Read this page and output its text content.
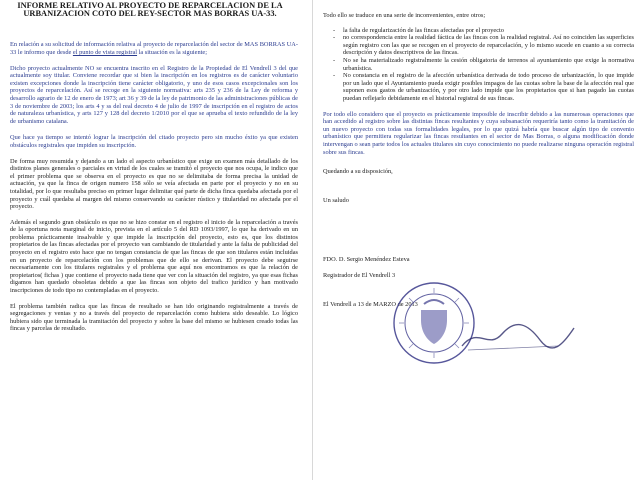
INFORME RELATIVO AL PROYECTO DE REPARCELACION DE LA URBANIZACION COTO DEL REY-SECTOR MAS BORRAS UA-33.

En relación a su solicitud de información relativa al proyecto de reparcelación del sector de MAS BORRAS UA-33 le informo que desde el punto de vista registral la situación es la siguiente;

Dicho proyecto actualmente NO se encuentra inscrito en el Registro de la Propiedad de El Vendrell 3 del que actualmente soy titular. Conviene recordar que si bien la inscripción en los registros es de carácter voluntario existen excepciones donde la inscripción tiene carácter obligatorio, y uno de esos casos excepcionales son los proyectos de reparcelación. Así se recoge en la siguiente normativa: arts 235 y 236 de la Ley de reforma y desarrollo agrario de 12 de enero de 1973; art 36 y 39 de la ley de patrimonio de las administraciones públicas de 3 de noviembre de 2003; los arts 4 y ss del real decreto 4 de julio de 1997 de inscripción en el registro de actos de naturaleza urbanística, y arts 127 y 128 del decreto 1/2010 por el que se aprueba el texto refundido de la ley de urbanismo catalana.

Que hace ya tiempo se intentó lograr la inscripción del citado proyecto pero sin mucho éxito ya que existen obstáculos registrales que impiden su inscripción.

De forma muy resumida y dejando a un lado el aspecto urbanístico que exige un examen más detallado de los distintos planes generales o parciales en virtud de los cuales se tramitó el proyecto que nos ocupa, le indico que el primer problema que se observa en el proyecto es que no se delimitaba de forma precisa la unidad de actuación, ya que la finca de origen numero 158 sólo se veía afectada en parte por el proyecto y no en su totalidad, por lo que resultaba preciso en primer lugar delimitar qué parte de dicha finca quedaba afectada por el proyecto y cuál quedaba al margen del mismo conservando su carácter rústico y titularidad no afectada por el proyecto.

Además el segundo gran obstáculo es que no se hizo constar en el registro el inicio de la reparcelación a través de la oportuna nota marginal de inicio, prevista en el artículo 5 del RD 1093/1997, lo que ha derivado en un problema prácticamente insalvable y que impide la inscripción del proyecto, esto es, que los distintos propietarios de las fincas afectadas por el proyecto van cambiando de titularidad y ante la falta de publicidad del proyecto en el registro esto hace que no tengan constancia de que las fincas de que son titulares están incluidas en un proyecto de reparcelación con los problemas que de ello se derivan. El proyecto debe seguirse necesariamente con los titulares registrales y el problema que aquí nos encontramos es que la relación de propietarios( fichas ) que contiene el proyecto nada tiene que ver con la situación del registro, ya que esas fichas digamos han quedado obsoletas debido a que las fincas son objeto del trafico jurídico y han motivado inscripciones de todo tipo no contempladas en el proyecto.

El problema también radica que las fincas de resultado se han ido originando registralmente a través de segregaciones y ventas y no a través del proyecto de reparcelación como hubiera sido deseable. Lo lógico hubiera sido que terminada la tramitación del proyecto y sobre la base del mismo se hubiesen creado todas las fincas y parcelas de resultado.

Todo ello se traduce en una serie de inconvenientes, entre otros;

- la falta de regularización de las fincas afectadas por el proyecto
- no correspondencia entre la realidad fáctica de las fincas con la realidad registral. Así no coinciden las superficies según registro con las que se recogen en el proyecto de reparcelación, y lo mismo sucede en cuanto a su correcta descripción y datos descriptivos de las fincas.
- No se ha materializado registralmente la cesión obligatoria de terrenos al ayuntamiento que exige la normativa urbanística.
- No constancia en el registro de la afección urbanística derivada de todo proceso de urbanización, lo que impide por un lado que el Ayuntamiento pueda exigir posibles impagos de las cuotas sobre la base de la afección real que suponen esos gastos de urbanización, y por otro lado impide que los propietarios que si han pagado las cuotas puedan reflejarlo debidamente en el historial registral de sus fincas.

Por todo ello considero que el proyecto es prácticamente imposible de inscribir debido a las numerosas operaciones que han accedido al registro sobre las distintas fincas resultantes y cuya subsanación requeriría tanto como la tramitación de un nuevo proyecto con todas sus formalidades legales, por lo que quizá habría que buscar algún tipo de convenio urbanístico que permitiera regularizar las fincas resultantes en el sector de Mas Borras, o alguna modificación donde intervengan o sean parte todos los actuales titulares sin cuyo conocimiento no puede realizarse ninguna operación registral sobre sus fincas.

Quedando a su disposición,

Un saludo

FDO. D. Sergio Menéndez Esteva

Registrador de El Vendrell 3

El Vendrell a 13 de MARZO de 2013
